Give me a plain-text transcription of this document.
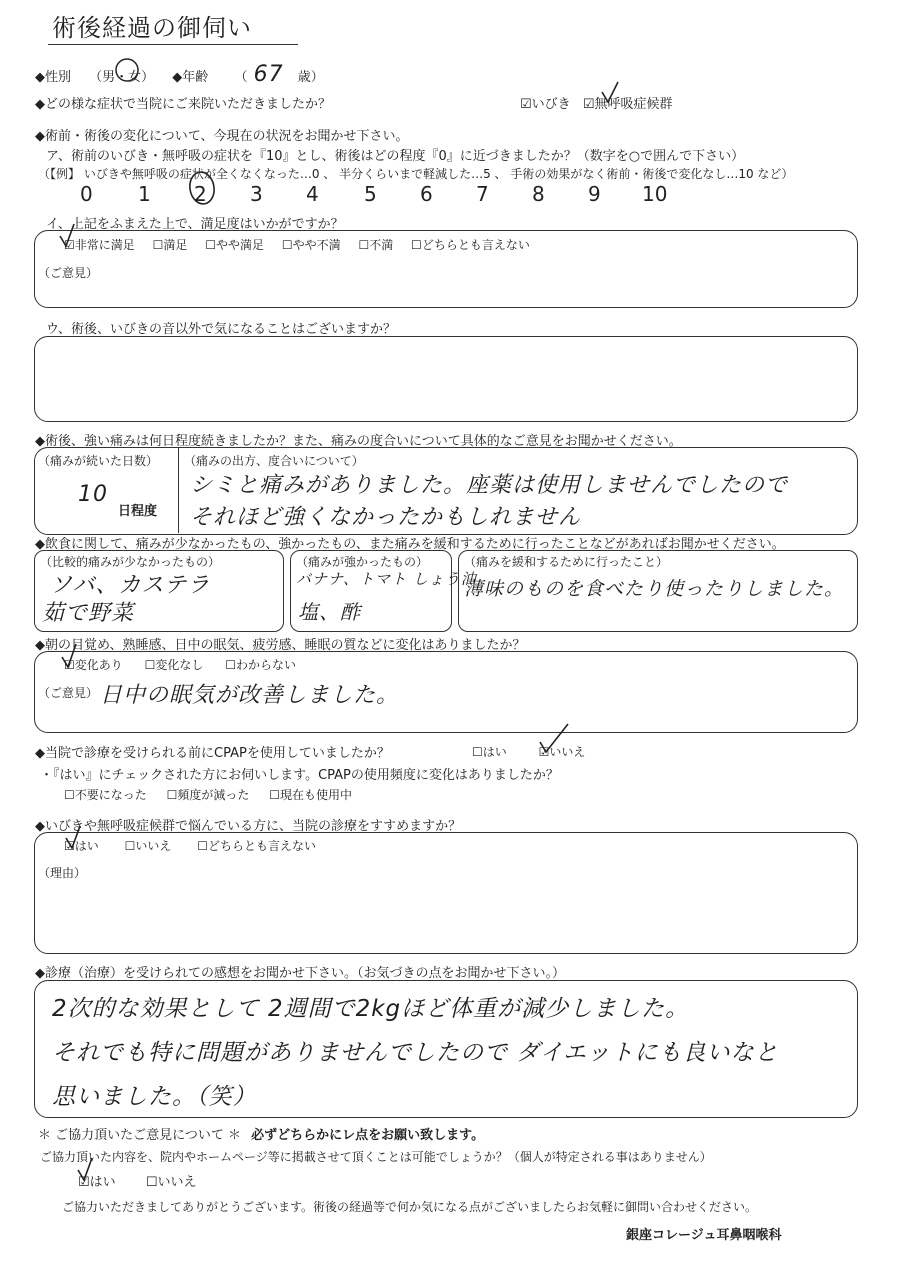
術後経過の御伺い
◆性別 （男・女） ◆年齢 （ 67 歳）
◆どの様な症状で当院にご来院いただきましたか？	☑いびき ☑無呼吸症候群
◆術前・術後の変化について、今現在の状況をお聞かせ下さい。
ア、術前のいびき・無呼吸の症状を『10』とし、術後はどの程度『0』に近づきましたか？（数字を○で囲んで下さい）
（【例】 いびきや無呼吸の症状が全くなくなった…0 、 半分くらいまで軽減した…5 、 手術の効果がなく術前・術後で変化なし…10 など）
0 1 2 3 4 5 6 7 8 9 10
イ、上記をふまえた上で、満足度はいかがですか？
☑非常に満足 ☐満足 ☐やや満足 ☐やや不満 ☐不満 ☐どちらとも言えない
（ご意見）
ウ、術後、いびきの音以外で気になることはございますか？
◆術後、強い痛みは何日程度続きましたか？また、痛みの度合いについて具体的なご意見をお聞かせください。
（痛みが続いた日数）
10
日程度
（痛みの出方、度合いについて）
シミと痛みがありました。座薬は使用しませんでしたので
それほど強くなかったかもしれません
◆飲食に関して、痛みが少なかったもの、強かったもの、また痛みを緩和するために行ったことなどがあればお聞かせください。
（比較的痛みが少なかったもの）
ソバ、カステラ
茹で野菜
（痛みが強かったもの）
バナナ、トマト しょう油
塩、酢
（痛みを緩和するために行ったこと）
薄味のものを食べたり使ったりしました。
◆朝の目覚め、熟睡感、日中の眠気、疲労感、睡眠の質などに変化はありましたか？
☑変化あり ☐変化なし ☐わからない
（ご意見） 日中の眠気が改善しました。
◆当院で診療を受けられる前にCPAPを使用していましたか？	☐はい	☑いいえ
・『はい』にチェックされた方にお伺いします。CPAPの使用頻度に変化はありましたか？
☐不要になった ☐頻度が減った ☐現在も使用中
◆いびきや無呼吸症候群で悩んでいる方に、当院の診療をすすめますか？
☑はい ☐いいえ ☐どちらとも言えない
（理由）
◆診療（治療）を受けられての感想をお聞かせ下さい。（お気づきの点をお聞かせ下さい。）
2次的な効果として 2週間で2kgほど体重が減少しました。
それでも特に問題がありませんでしたので ダイエットにも良いなと
思いました。（笑）
＊ ご協力頂いたご意見について ＊ 必ずどちらかにレ点をお願い致します。
ご協力頂いた内容を、院内やホームページ等に掲載させて頂くことは可能でしょうか？（個人が特定される事はありません）
☑はい ☐いいえ
ご協力いただきましてありがとうございます。術後の経過等で何か気になる点がございましたらお気軽に御問い合わせください。
銀座コレージュ耳鼻咽喉科
